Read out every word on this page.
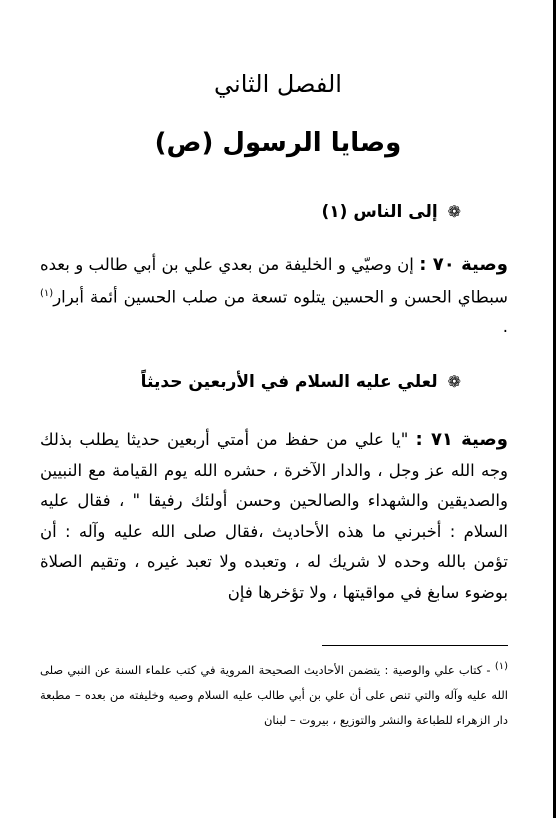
الفصل الثاني
وصايا الرسول (ص)
❁ إلى الناس (١)
وصية ٧٠ : إن وصيّي و الخليفة من بعدي علي بن أبي طالب و بعده سبطاي الحسن و الحسين يتلوه تسعة من صلب الحسين أئمة أبرار$^{(١)}$ .
❁ لعلي عليه السلام في الأربعين حديثاً
وصية ٧١ : "يا علي من حفظ من أمتي أربعين حديثا يطلب بذلك وجه الله عز وجل ، والدار الآخرة ، حشره الله يوم القيامة مع النبيين والصديقين والشهداء والصالحين وحسن أولئك رفيقا " ، فقال عليه السلام : أخبرني ما هذه الأحاديث ،فقال صلى الله عليه وآله : أن تؤمن بالله وحده لا شريك له ، وتعبده ولا تعبد غيره ، وتقيم الصلاة بوضوء سابغ في مواقيتها ، ولا تؤخرها فإن
(١) - كتاب علي والوصية : يتضمن الأحاديث الصحيحة المروية في كتب علماء السنة عن النبي صلى الله عليه وآله والتي تنص على أن علي بن أبي طالب عليه السلام وصيه وخليفته من بعده – مطبعة دار الزهراء للطباعة والنشر والتوزيع ، بيروت – لبنان
